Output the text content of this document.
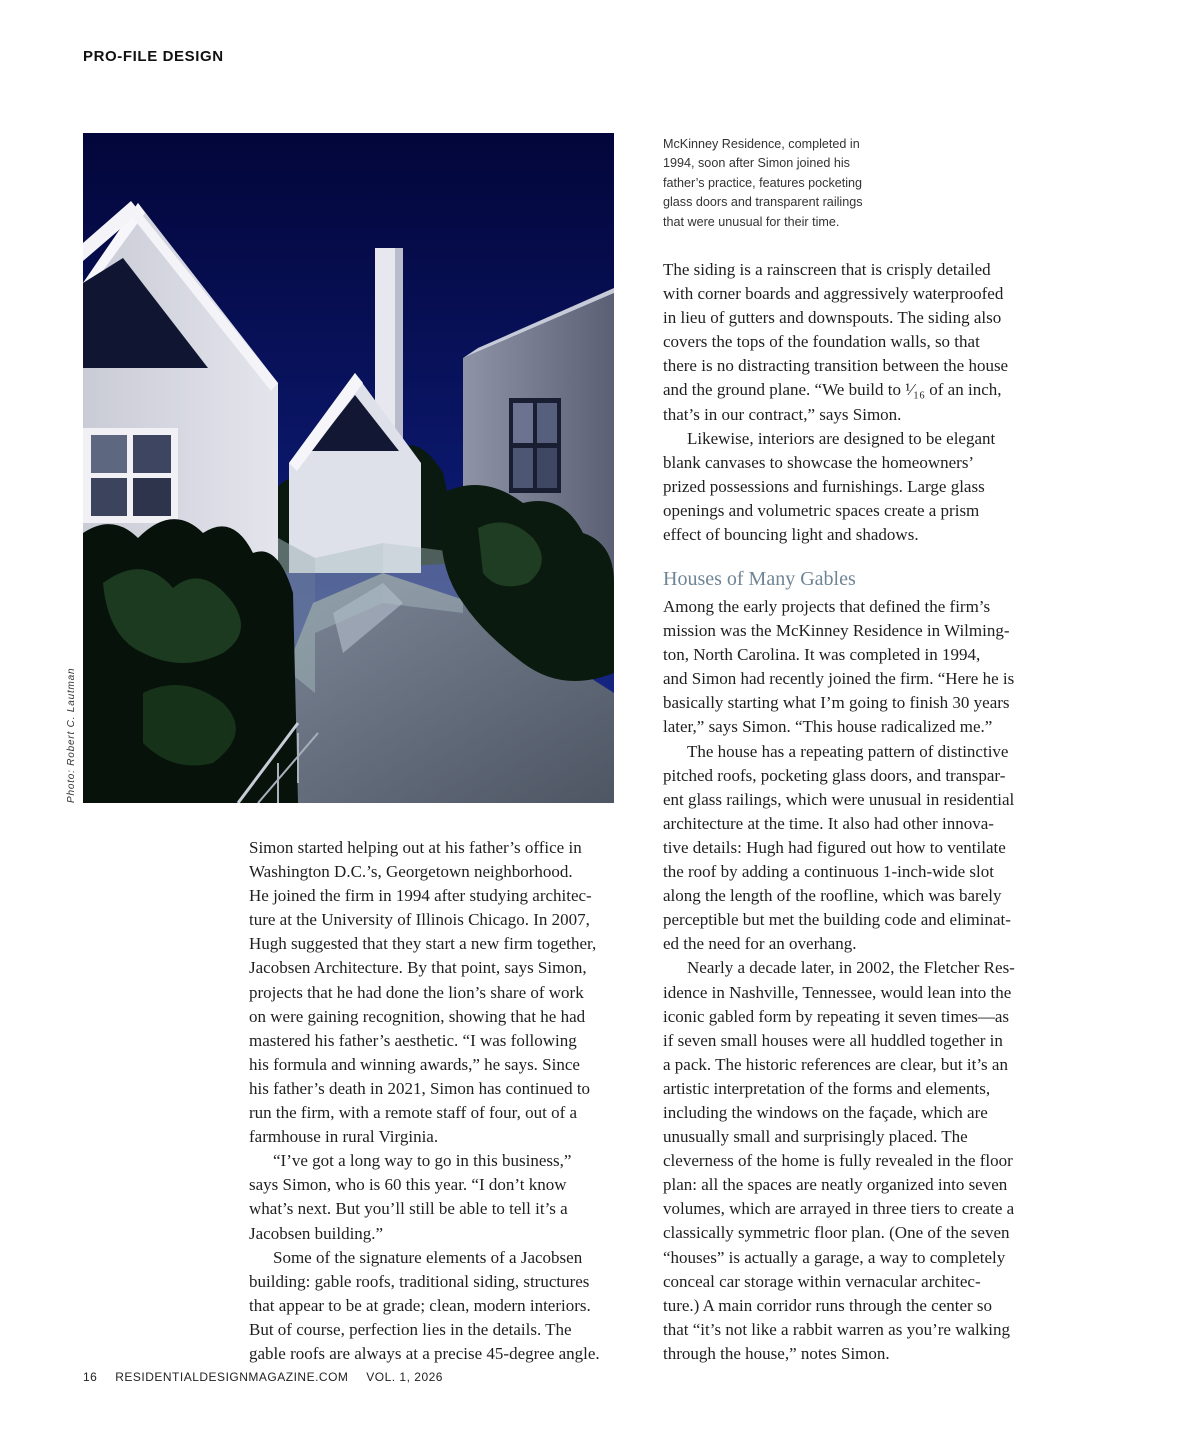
PRO-FILE DESIGN
Photo: Robert C. Lautman
McKinney Residence, completed in
1994, soon after Simon joined his
father’s practice, features pocketing
glass doors and transparent railings
that were unusual for their time.

The siding is a rainscreen that is crisply detailed
with corner boards and aggressively waterproofed
in lieu of gutters and downspouts. The siding also
covers the tops of the foundation walls, so that
there is no distracting transition between the house
and the ground plane. “We build to ¹⁄₁₆ of an inch,
that’s in our contract,” says Simon.

Likewise, interiors are designed to be elegant
blank canvases to showcase the homeowners’
prized possessions and furnishings. Large glass
openings and volumetric spaces create a prism
effect of bouncing light and shadows.

Houses of Many Gables

Among the early projects that defined the firm’s
mission was the McKinney Residence in Wilming-
ton, North Carolina. It was completed in 1994,
and Simon had recently joined the firm. “Here he is
basically starting what I’m going to finish 30 years
later,” says Simon. “This house radicalized me.”

The house has a repeating pattern of distinctive
pitched roofs, pocketing glass doors, and transpar-
ent glass railings, which were unusual in residential
architecture at the time. It also had other innova-
tive details: Hugh had figured out how to ventilate
the roof by adding a continuous 1-inch-wide slot
along the length of the roofline, which was barely
perceptible but met the building code and eliminat-
ed the need for an overhang.

Nearly a decade later, in 2002, the Fletcher Res-
idence in Nashville, Tennessee, would lean into the
iconic gabled form by repeating it seven times—as
if seven small houses were all huddled together in
a pack. The historic references are clear, but it’s an
artistic interpretation of the forms and elements,
including the windows on the façade, which are
unusually small and surprisingly placed. The
cleverness of the home is fully revealed in the floor
plan: all the spaces are neatly organized into seven
volumes, which are arrayed in three tiers to create a
classically symmetric floor plan. (One of the seven
“houses” is actually a garage, a way to completely
conceal car storage within vernacular architec-
ture.) A main corridor runs through the center so
that “it’s not like a rabbit warren as you’re walking
through the house,” notes Simon.

Simon started helping out at his father’s office in
Washington D.C.’s, Georgetown neighborhood.
He joined the firm in 1994 after studying architec-
ture at the University of Illinois Chicago. In 2007,
Hugh suggested that they start a new firm together,
Jacobsen Architecture. By that point, says Simon,
projects that he had done the lion’s share of work
on were gaining recognition, showing that he had
mastered his father’s aesthetic. “I was following
his formula and winning awards,” he says. Since
his father’s death in 2021, Simon has continued to
run the firm, with a remote staff of four, out of a
farmhouse in rural Virginia.

“I’ve got a long way to go in this business,”
says Simon, who is 60 this year. “I don’t know
what’s next. But you’ll still be able to tell it’s a
Jacobsen building.”

Some of the signature elements of a Jacobsen
building: gable roofs, traditional siding, structures
that appear to be at grade; clean, modern interiors.
But of course, perfection lies in the details. The
gable roofs are always at a precise 45-degree angle.

16 RESIDENTIALDESIGNMAGAZINE.COM VOL. 1, 2026
